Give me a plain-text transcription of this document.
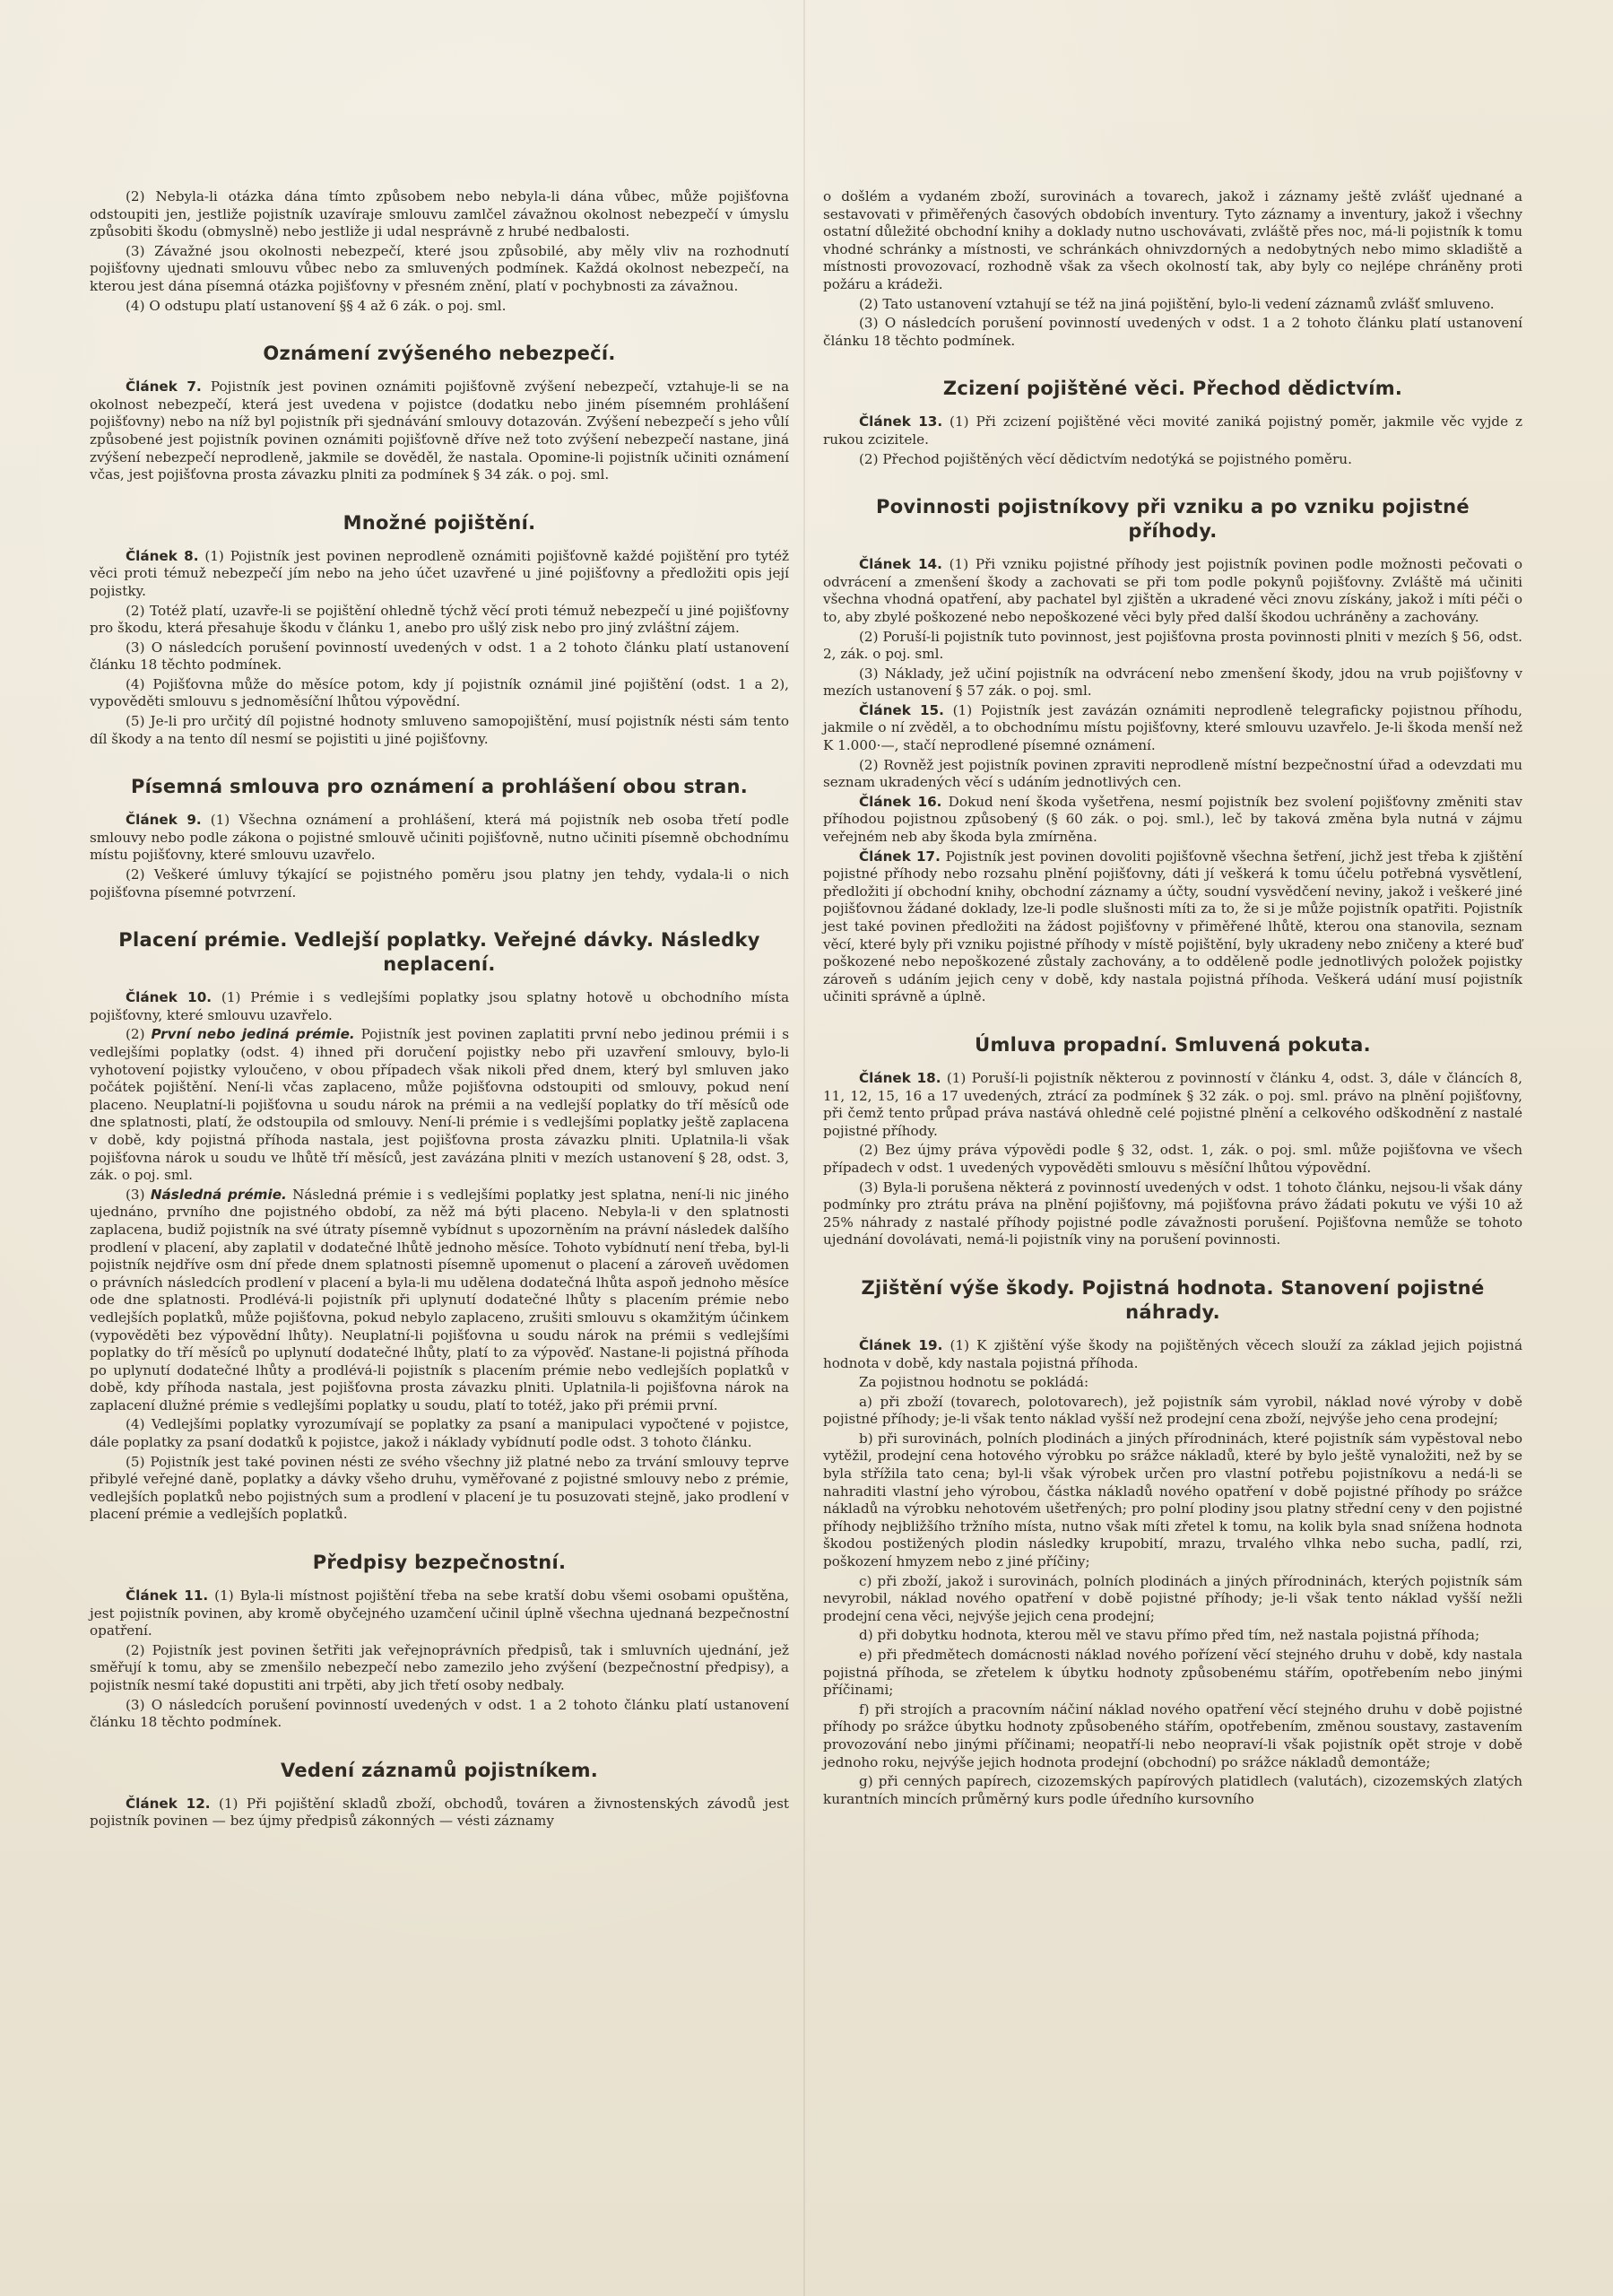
(2) Nebyla-li otázka dána tímto způsobem nebo nebyla-li dána vůbec, může pojišťovna odstoupiti jen, jestliže pojistník uzavíraje smlouvu zamlčel závažnou okolnost nebezpečí v úmyslu způsobiti škodu (obmyslně) nebo jestliže ji udal nesprávně z hrubé nedbalosti.

(3) Závažné jsou okolnosti nebezpečí, které jsou způsobilé, aby měly vliv na rozhodnutí pojišťovny ujednati smlouvu vůbec nebo za smluvených podmínek. Každá okolnost nebezpečí, na kterou jest dána písemná otázka pojišťovny v přesném znění, platí v pochybnosti za závažnou.

(4) O odstupu platí ustanovení §§ 4 až 6 zák. o poj. sml.

Oznámení zvýšeného nebezpečí.

Článek 7. Pojistník jest povinen oznámiti pojišťovně zvýšení nebezpečí, vztahuje-li se na okolnost nebezpečí, která jest uvedena v pojistce (dodatku nebo jiném písemném prohlášení pojišťovny) nebo na níž byl pojistník při sjednávání smlouvy dotazován. Zvýšení nebezpečí s jeho vůlí způsobené jest pojistník povinen oznámiti pojišťovně dříve než toto zvýšení nebezpečí nastane, jiná zvýšení nebezpečí neprodleně, jakmile se dověděl, že nastala. Opomine-li pojistník učiniti oznámení včas, jest pojišťovna prosta závazku plniti za podmínek § 34 zák. o poj. sml.

Množné pojištění.

Článek 8. (1) Pojistník jest povinen neprodleně oznámiti pojišťovně každé pojištění pro tytéž věci proti témuž nebezpečí jím nebo na jeho účet uzavřené u jiné pojišťovny a předložiti opis její pojistky.

(2) Totéž platí, uzavře-li se pojištění ohledně týchž věcí proti témuž nebezpečí u jiné pojišťovny pro škodu, která přesahuje škodu v článku 1, anebo pro ušlý zisk nebo pro jiný zvláštní zájem.

(3) O následcích porušení povinností uvedených v odst. 1 a 2 tohoto článku platí ustanovení článku 18 těchto podmínek.

(4) Pojišťovna může do měsíce potom, kdy jí pojistník oznámil jiné pojištění (odst. 1 a 2), vypověděti smlouvu s jednoměsíční lhůtou výpovědní.

(5) Je-li pro určitý díl pojistné hodnoty smluveno samopojištění, musí pojistník nésti sám tento díl škody a na tento díl nesmí se pojistiti u jiné pojišťovny.

Písemná smlouva pro oznámení a prohlášení obou stran.

Článek 9. (1) Všechna oznámení a prohlášení, která má pojistník neb osoba třetí podle smlouvy nebo podle zákona o pojistné smlouvě učiniti pojišťovně, nutno učiniti písemně obchodnímu místu pojišťovny, které smlouvu uzavřelo.

(2) Veškeré úmluvy týkající se pojistného poměru jsou platny jen tehdy, vydala-li o nich pojišťovna písemné potvrzení.

Placení prémie. Vedlejší poplatky. Veřejné dávky. Následky neplacení.

Článek 10. (1) Prémie i s vedlejšími poplatky jsou splatny hotově u obchodního místa pojišťovny, které smlouvu uzavřelo.

(2) První nebo jediná prémie. Pojistník jest povinen zaplatiti první nebo jedinou prémii i s vedlejšími poplatky (odst. 4) ihned při doručení pojistky nebo při uzavření smlouvy, bylo-li vyhotovení pojistky vyloučeno, v obou případech však nikoli před dnem, který byl smluven jako počátek pojištění. Není-li včas zaplaceno, může pojišťovna odstoupiti od smlouvy, pokud není placeno. Neuplatní-li pojišťovna u soudu nárok na prémii a na vedlejší poplatky do tří měsíců ode dne splatnosti, platí, že odstoupila od smlouvy. Není-li prémie i s vedlejšími poplatky ještě zaplacena v době, kdy pojistná příhoda nastala, jest pojišťovna prosta závazku plniti. Uplatnila-li však pojišťovna nárok u soudu ve lhůtě tří měsíců, jest zavázána plniti v mezích ustanovení § 28, odst. 3, zák. o poj. sml.

(3) Následná prémie. Následná prémie i s vedlejšími poplatky jest splatna, není-li nic jiného ujednáno, prvního dne pojistného období, za něž má býti placeno. Nebyla-li v den splatnosti zaplacena, budiž pojistník na své útraty písemně vybídnut s upozorněním na právní následek dalšího prodlení v placení, aby zaplatil v dodatečné lhůtě jednoho měsíce. Tohoto vybídnutí není třeba, byl-li pojistník nejdříve osm dní přede dnem splatnosti písemně upomenut o placení a zároveň uvědomen o právních následcích prodlení v placení a byla-li mu udělena dodatečná lhůta aspoň jednoho měsíce ode dne splatnosti. Prodlévá-li pojistník při uplynutí dodatečné lhůty s placením prémie nebo vedlejších poplatků, může pojišťovna, pokud nebylo zaplaceno, zrušiti smlouvu s okamžitým účinkem (vypověděti bez výpovědní lhůty). Neuplatní-li pojišťovna u soudu nárok na prémii s vedlejšími poplatky do tří měsíců po uplynutí dodatečné lhůty, platí to za výpověď. Nastane-li pojistná příhoda po uplynutí dodatečné lhůty a prodlévá-li pojistník s placením prémie nebo vedlejších poplatků v době, kdy příhoda nastala, jest pojišťovna prosta závazku plniti. Uplatnila-li pojišťovna nárok na zaplacení dlužné prémie s vedlejšími poplatky u soudu, platí to totéž, jako při prémii první.

(4) Vedlejšími poplatky vyrozumívají se poplatky za psaní a manipulaci vypočtené v pojistce, dále poplatky za psaní dodatků k pojistce, jakož i náklady vybídnutí podle odst. 3 tohoto článku.

(5) Pojistník jest také povinen nésti ze svého všechny již platné nebo za trvání smlouvy teprve přibylé veřejné daně, poplatky a dávky všeho druhu, vyměřované z pojistné smlouvy nebo z prémie, vedlejších poplatků nebo pojistných sum a prodlení v placení je tu posuzovati stejně, jako prodlení v placení prémie a vedlejších poplatků.

Předpisy bezpečnostní.

Článek 11. (1) Byla-li místnost pojištění třeba na sebe kratší dobu všemi osobami opuštěna, jest pojistník povinen, aby kromě obyčejného uzamčení učinil úplně všechna ujednaná bezpečnostní opatření.

(2) Pojistník jest povinen šetřiti jak veřejnoprávních předpisů, tak i smluvních ujednání, jež směřují k tomu, aby se zmenšilo nebezpečí nebo zamezilo jeho zvýšení (bezpečnostní předpisy), a pojistník nesmí také dopustiti ani trpěti, aby jich třetí osoby nedbaly.

(3) O následcích porušení povinností uvedených v odst. 1 a 2 tohoto článku platí ustanovení článku 18 těchto podmínek.

Vedení záznamů pojistníkem.

Článek 12. (1) Při pojištění skladů zboží, obchodů, továren a živnostenských závodů jest pojistník povinen — bez újmy předpisů zákonných — vésti záznamy

o došlém a vydaném zboží, surovinách a tovarech, jakož i záznamy ještě zvlášť ujednané a sestavovati v přiměřených časových obdobích inventury. Tyto záznamy a inventury, jakož i všechny ostatní důležité obchodní knihy a doklady nutno uschovávati, zvláště přes noc, má-li pojistník k tomu vhodné schránky a místnosti, ve schránkách ohnivzdorných a nedobytných nebo mimo skladiště a místnosti provozovací, rozhodně však za všech okolností tak, aby byly co nejlépe chráněny proti požáru a krádeži.

(2) Tato ustanovení vztahují se též na jiná pojištění, bylo-li vedení záznamů zvlášť smluveno.

(3) O následcích porušení povinností uvedených v odst. 1 a 2 tohoto článku platí ustanovení článku 18 těchto podmínek.

Zcizení pojištěné věci. Přechod dědictvím.

Článek 13. (1) Při zcizení pojištěné věci movité zaniká pojistný poměr, jakmile věc vyjde z rukou zcizitele.

(2) Přechod pojištěných věcí dědictvím nedotýká se pojistného poměru.

Povinnosti pojistníkovy při vzniku a po vzniku pojistné příhody.

Článek 14. (1) Při vzniku pojistné příhody jest pojistník povinen podle možnosti pečovati o odvrácení a zmenšení škody a zachovati se při tom podle pokynů pojišťovny. Zvláště má učiniti všechna vhodná opatření, aby pachatel byl zjištěn a ukradené věci znovu získány, jakož i míti péči o to, aby zbylé poškozené nebo nepoškozené věci byly před další škodou uchráněny a zachovány.

(2) Poruší-li pojistník tuto povinnost, jest pojišťovna prosta povinnosti plniti v mezích § 56, odst. 2, zák. o poj. sml.

(3) Náklady, jež učiní pojistník na odvrácení nebo zmenšení škody, jdou na vrub pojišťovny v mezích ustanovení § 57 zák. o poj. sml.

Článek 15. (1) Pojistník jest zavázán oznámiti neprodleně telegraficky pojistnou příhodu, jakmile o ní zvěděl, a to obchodnímu místu pojišťovny, které smlouvu uzavřelo. Je-li škoda menší než K 1.000·—, stačí neprodlené písemné oznámení.

(2) Rovněž jest pojistník povinen zpraviti neprodleně místní bezpečnostní úřad a odevzdati mu seznam ukradených věcí s udáním jednotlivých cen.

Článek 16. Dokud není škoda vyšetřena, nesmí pojistník bez svolení pojišťovny změniti stav příhodou pojistnou způsobený (§ 60 zák. o poj. sml.), leč by taková změna byla nutná v zájmu veřejném neb aby škoda byla zmírněna.

Článek 17. Pojistník jest povinen dovoliti pojišťovně všechna šetření, jichž jest třeba k zjištění pojistné příhody nebo rozsahu plnění pojišťovny, dáti jí veškerá k tomu účelu potřebná vysvětlení, předložiti jí obchodní knihy, obchodní záznamy a účty, soudní vysvědčení neviny, jakož i veškeré jiné pojišťovnou žádané doklady, lze-li podle slušnosti míti za to, že si je může pojistník opatřiti. Pojistník jest také povinen předložiti na žádost pojišťovny v přiměřené lhůtě, kterou ona stanovila, seznam věcí, které byly při vzniku pojistné příhody v místě pojištění, byly ukradeny nebo zničeny a které buď poškozené nebo nepoškozené zůstaly zachovány, a to odděleně podle jednotlivých položek pojistky zároveň s udáním jejich ceny v době, kdy nastala pojistná příhoda. Veškerá udání musí pojistník učiniti správně a úplně.

Úmluva propadní. Smluvená pokuta.

Článek 18. (1) Poruší-li pojistník některou z povinností v článku 4, odst. 3, dále v článcích 8, 11, 12, 15, 16 a 17 uvedených, ztrácí za podmínek § 32 zák. o poj. sml. právo na plnění pojišťovny, při čemž tento průpad práva nastává ohledně celé pojistné plnění a celkového odškodnění z nastalé pojistné příhody.

(2) Bez újmy práva výpovědi podle § 32, odst. 1, zák. o poj. sml. může pojišťovna ve všech případech v odst. 1 uvedených vypověděti smlouvu s měsíční lhůtou výpovědní.

(3) Byla-li porušena některá z povinností uvedených v odst. 1 tohoto článku, nejsou-li však dány podmínky pro ztrátu práva na plnění pojišťovny, má pojišťovna právo žádati pokutu ve výši 10 až 25% náhrady z nastalé příhody pojistné podle závažnosti porušení. Pojišťovna nemůže se tohoto ujednání dovolávati, nemá-li pojistník viny na porušení povinnosti.

Zjištění výše škody. Pojistná hodnota. Stanovení pojistné náhrady.

Článek 19. (1) K zjištění výše škody na pojištěných věcech slouží za základ jejich pojistná hodnota v době, kdy nastala pojistná příhoda.

Za pojistnou hodnotu se pokládá:

a) při zboží (tovarech, polotovarech), jež pojistník sám vyrobil, náklad nové výroby v době pojistné příhody; je-li však tento náklad vyšší než prodejní cena zboží, nejvýše jeho cena prodejní;

b) při surovinách, polních plodinách a jiných přírodninách, které pojistník sám vypěstoval nebo vytěžil, prodejní cena hotového výrobku po srážce nákladů, které by bylo ještě vynaložiti, než by se byla střížila tato cena; byl-li však výrobek určen pro vlastní potřebu pojistníkovu a nedá-li se nahraditi vlastní jeho výrobou, částka nákladů nového opatření v době pojistné příhody po srážce nákladů na výrobku nehotovém ušetřených; pro polní plodiny jsou platny střední ceny v den pojistné příhody nejbližšího tržního místa, nutno však míti zřetel k tomu, na kolik byla snad snížena hodnota škodou postižených plodin následky krupobití, mrazu, trvalého vlhka nebo sucha, padlí, rzi, poškození hmyzem nebo z jiné příčiny;

c) při zboží, jakož i surovinách, polních plodinách a jiných přírodninách, kterých pojistník sám nevyrobil, náklad nového opatření v době pojistné příhody; je-li však tento náklad vyšší nežli prodejní cena věci, nejvýše jejich cena prodejní;

d) při dobytku hodnota, kterou měl ve stavu přímo před tím, než nastala pojistná příhoda;

e) při předmětech domácnosti náklad nového pořízení věcí stejného druhu v době, kdy nastala pojistná příhoda, se zřetelem k úbytku hodnoty způsobenému stářím, opotřebením nebo jinými příčinami;

f) při strojích a pracovním náčiní náklad nového opatření věcí stejného druhu v době pojistné příhody po srážce úbytku hodnoty způsobeného stářím, opotřebením, změnou soustavy, zastavením provozování nebo jinými příčinami; neopatří-li nebo neopraví-li však pojistník opět stroje v době jednoho roku, nejvýše jejich hodnota prodejní (obchodní) po srážce nákladů demontáže;

g) při cenných papírech, cizozemských papírových platidlech (valutách), cizozemských zlatých kurantních mincích průměrný kurs podle úředního kursovního
